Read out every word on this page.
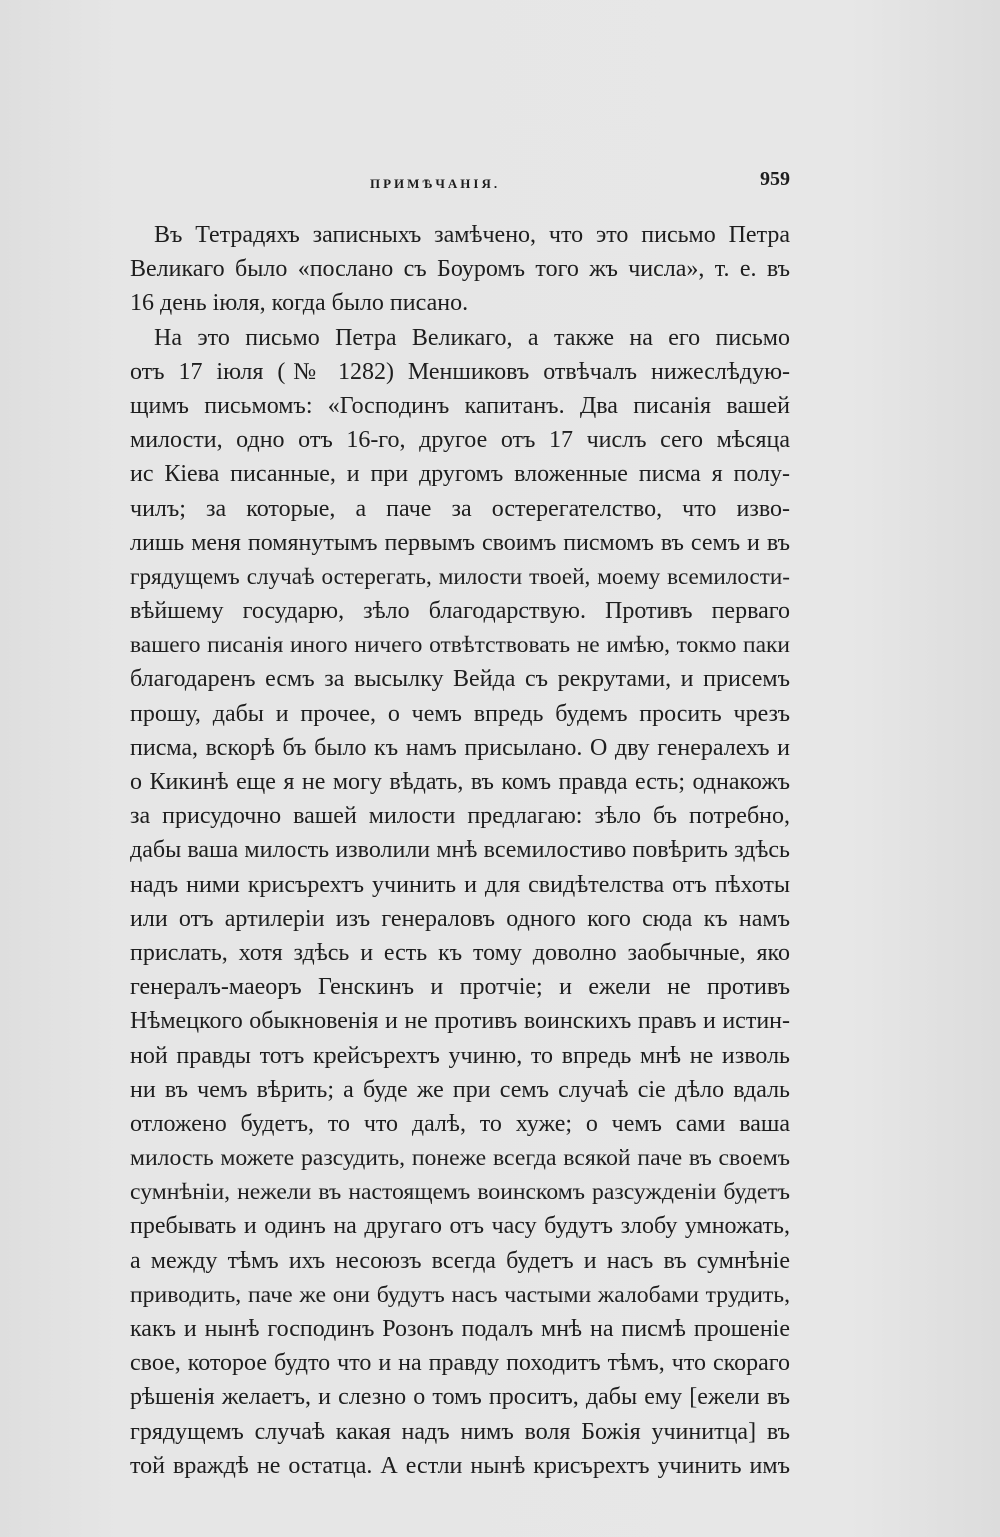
ПРИМѢЧАНІЯ.	959
Въ Тетрадяхъ записныхъ замѣчено, что это письмо Петра
Великаго было «послано съ Боуромъ того жъ числа», т. е. въ
16 день іюля, когда было писано.
На это письмо Петра Великаго, а также на его письмо
отъ 17 іюля (№ 1282) Меншиковъ отвѣчалъ нижеслѣдую-
щимъ письмомъ: «Господинъ капитанъ. Два писанія вашей
милости, одно отъ 16-го, другое отъ 17 числъ сего мѣсяца
ис Кіева писанные, и при другомъ вложенные писма я полу-
чилъ; за которые, а паче за остерегателство, что изво-
лишь меня помянутымъ первымъ своимъ писмомъ въ семъ и въ
грядущемъ случаѣ остерегать, милости твоей, моему всемилости-
вѣйшему государю, зѣло благодарствую. Противъ перваго
вашего писанія иного ничего отвѣтствовать не имѣю, токмо паки
благодаренъ есмъ за высылку Вейда съ рекрутами, и присемъ
прошу, дабы и прочее, о чемъ впредь будемъ просить чрезъ
писма, вскорѣ бъ было къ намъ присылано. О дву генералехъ и
о Кикинѣ еще я не могу вѣдать, въ комъ правда есть; однакожъ
за присудочно вашей милости предлагаю: зѣло бъ потребно,
дабы ваша милость изволили мнѣ всемилостиво повѣрить здѣсь
надъ ними крисърехтъ учинить и для свидѣтелства отъ пѣхоты
или отъ артилеріи изъ генераловъ одного кого сюда къ намъ
прислать, хотя здѣсь и есть къ тому доволно заобычные, яко
генералъ-маеоръ Генскинъ и протчіе; и ежели не противъ
Нѣмецкого обыкновенія и не противъ воинскихъ правъ и истин-
ной правды тотъ крейсърехтъ учиню, то впредь мнѣ не изволь
ни въ чемъ вѣрить; а буде же при семъ случаѣ сіе дѣло вдаль
отложено будетъ, то что далѣ, то хуже; о чемъ сами ваша
милость можете разсудить, понеже всегда всякой паче въ своемъ
сумнѣніи, нежели въ настоящемъ воинскомъ разсужденіи будетъ
пребывать и одинъ на другаго отъ часу будутъ злобу умножать,
а между тѣмъ ихъ несоюзъ всегда будетъ и насъ въ сумнѣніе
приводить, паче же они будутъ насъ частыми жалобами трудить,
какъ и нынѣ господинъ Розонъ подалъ мнѣ на писмѣ прошеніе
свое, которое будто что и на правду походитъ тѣмъ, что скораго
рѣшенія желаетъ, и слезно о томъ проситъ, дабы ему [ежели въ
грядущемъ случаѣ какая надъ нимъ воля Божія учинитца] въ
той враждѣ не остатца. А естли нынѣ крисърехтъ учинить имъ
